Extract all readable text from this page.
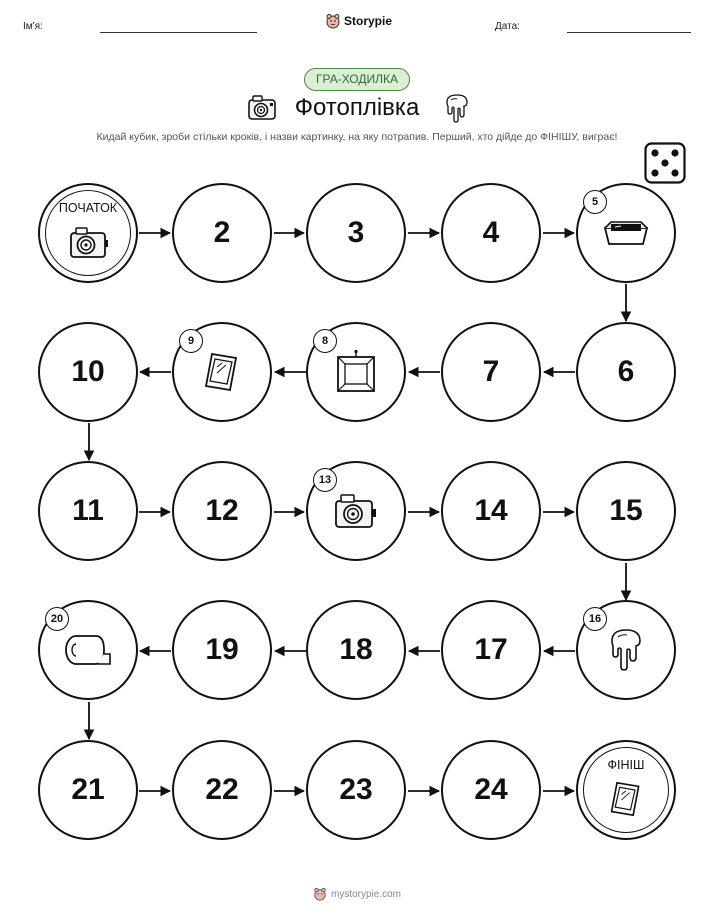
Ім'я:	Storypie	Дата:
ГРА-ХОДИЛКА
Фотоплівка
Кидай кубик, зроби стільки кроків, і назви картинку, на яку потрапив. Перший, хто дійде до ФІНІШУ, виграє!
ПОЧАТОК
2	3	4
5
10
9	8
7	6
11	12
13
14	15
20
19	18	17
16
21	22	23	24
ФІНІШ
mystorypie.com
